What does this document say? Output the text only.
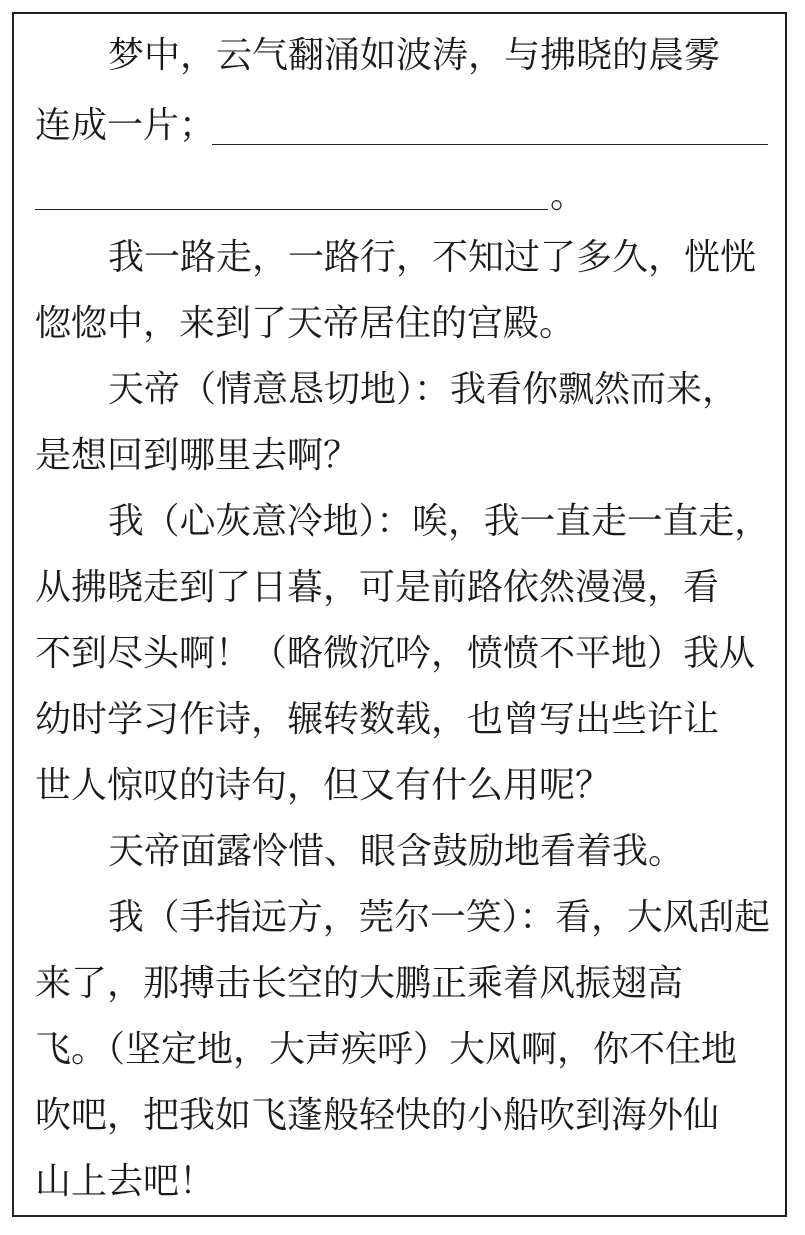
梦中，云气翻涌如波涛，与拂晓的晨雾
连成一片；
。
我一路走，一路行，不知过了多久，恍恍
惚惚中，来到了天帝居住的宫殿。
天帝（情意恳切地）：我看你飘然而来，
是想回到哪里去啊？
我（心灰意冷地）：唉，我一直走一直走，
从拂晓走到了日暮，可是前路依然漫漫，看
不到尽头啊！（略微沉吟，愤愤不平地）我从
幼时学习作诗，辗转数载，也曾写出些许让
世人惊叹的诗句，但又有什么用呢？
天帝面露怜惜、眼含鼓励地看着我。
我（手指远方，莞尔一笑）：看，大风刮起
来了，那搏击长空的大鹏正乘着风振翅高
飞。（坚定地，大声疾呼）大风啊，你不住地
吹吧，把我如飞蓬般轻快的小船吹到海外仙
山上去吧！
